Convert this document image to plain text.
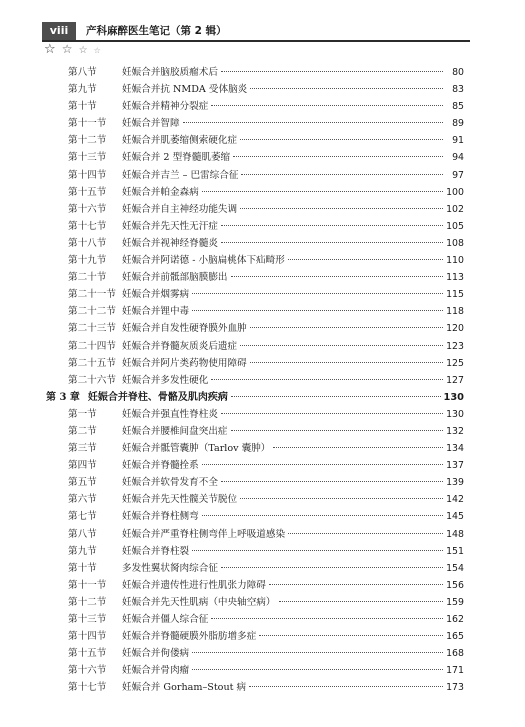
viii	产科麻醉医生笔记（第 2 辑）
☆ ☆ ☆ ☆
第八节	妊娠合并脑胶质瘤术后	80
第九节	妊娠合并抗 NMDA 受体脑炎	83
第十节	妊娠合并精神分裂症	85
第十一节	妊娠合并智障	89
第十二节	妊娠合并肌萎缩侧索硬化症	91
第十三节	妊娠合并 2 型脊髓肌萎缩	94
第十四节	妊娠合并吉兰 – 巴雷综合征	97
第十五节	妊娠合并帕金森病	100
第十六节	妊娠合并自主神经功能失调	102
第十七节	妊娠合并先天性无汗症	105
第十八节	妊娠合并视神经脊髓炎	108
第十九节	妊娠合并阿诺德 - 小脑扁桃体下疝畸形	110
第二十节	妊娠合并前骶部脑膜膨出	113
第二十一节 妊娠合并烟雾病	115
第二十二节 妊娠合并锂中毒	118
第二十三节 妊娠合并自发性硬脊膜外血肿	120
第二十四节 妊娠合并脊髓灰质炎后遗症	123
第二十五节 妊娠合并阿片类药物使用障碍	125
第二十六节 妊娠合并多发性硬化	127
第 3 章 妊娠合并脊柱、骨骼及肌肉疾病	130
第一节	妊娠合并强直性脊柱炎	130
第二节	妊娠合并腰椎间盘突出症	132
第三节	妊娠合并骶管囊肿（Tarlov 囊肿）	134
第四节	妊娠合并脊髓拴系	137
第五节	妊娠合并软骨发育不全	139
第六节	妊娠合并先天性髋关节脱位	142
第七节	妊娠合并脊柱侧弯	145
第八节	妊娠合并严重脊柱侧弯伴上呼吸道感染	148
第九节	妊娠合并脊柱裂	151
第十节	多发性翼状胬肉综合征	154
第十一节	妊娠合并遗传性进行性肌张力障碍	156
第十二节	妊娠合并先天性肌病（中央轴空病）	159
第十三节	妊娠合并僵人综合征	162
第十四节	妊娠合并脊髓硬膜外脂肪增多症	165
第十五节	妊娠合并佝偻病	168
第十六节	妊娠合并骨肉瘤	171
第十七节	妊娠合并 Gorham–Stout 病	173
